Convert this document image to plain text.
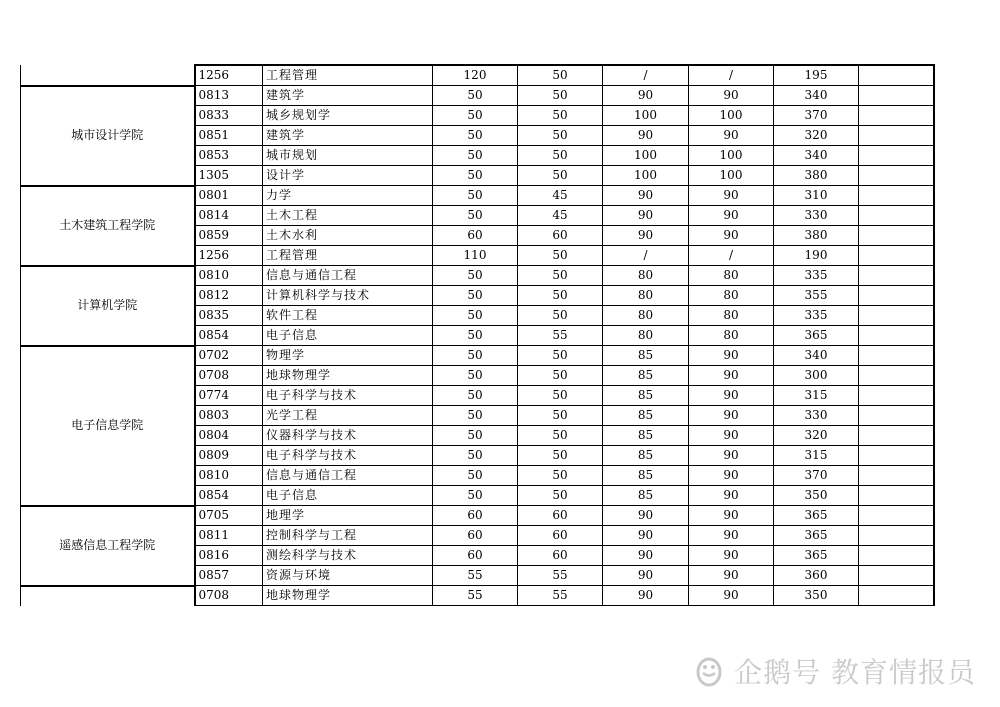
	1256	工程管理	120	50	/	/	195	
城市设计学院	0813	建筑学	50	50	90	90	340	
	0833	城乡规划学	50	50	100	100	370	
	0851	建筑学	50	50	90	90	320	
	0853	城市规划	50	50	100	100	340	
	1305	设计学	50	50	100	100	380	
土木建筑工程学院	0801	力学	50	45	90	90	310	
	0814	土木工程	50	45	90	90	330	
	0859	土木水利	60	60	90	90	380	
	1256	工程管理	110	50	/	/	190	
计算机学院	0810	信息与通信工程	50	50	80	80	335	
	0812	计算机科学与技术	50	50	80	80	355	
	0835	软件工程	50	50	80	80	335	
	0854	电子信息	50	55	80	80	365	
电子信息学院	0702	物理学	50	50	85	90	340	
	0708	地球物理学	50	50	85	90	300	
	0774	电子科学与技术	50	50	85	90	315	
	0803	光学工程	50	50	85	90	330	
	0804	仪器科学与技术	50	50	85	90	320	
	0809	电子科学与技术	50	50	85	90	315	
	0810	信息与通信工程	50	50	85	90	370	
	0854	电子信息	50	50	85	90	350	
遥感信息工程学院	0705	地理学	60	60	90	90	365	
	0811	控制科学与工程	60	60	90	90	365	
	0816	测绘科学与技术	60	60	90	90	365	
	0857	资源与环境	55	55	90	90	360	
	0708	地球物理学	55	55	90	90	350	
企鹅号 教育情报员
